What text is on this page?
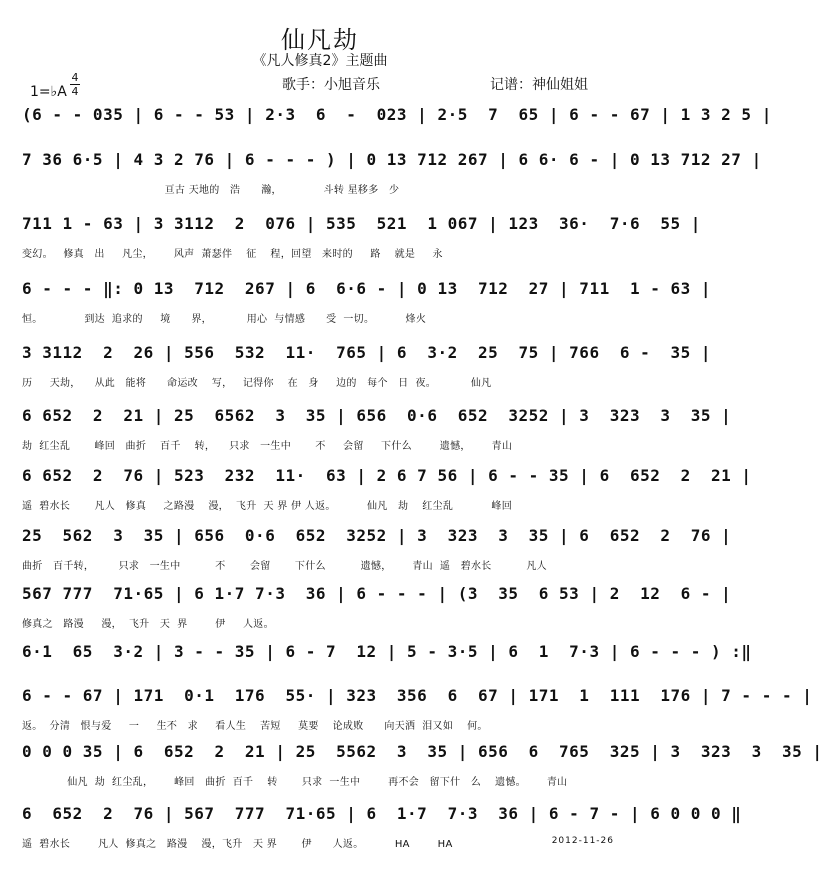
仙凡劫
《凡人修真2》主题曲
1=♭A
4
4	歌手：小旭音乐	记谱：神仙姐姐
(6 - - 035 | 6 - - 53 | 2·3  6  -  023 | 2·5  7  65 | 6 - - 67 | 1 3 2 5 |
7 36 6·5 | 4 3 2 76 | 6 - - - ) | 0 13 712 267 | 6 6· 6 - | 0 13 712 27 |
亘古 天地的   浩      瀚，            斗转 星移多   少
711 1 - 63 | 3 3112  2  076 | 535  521  1 067 | 123  36·  7·6  55 |
变幻。   修真   出     凡尘，      风声  萧瑟伴    征    程，回望   来时的     路    就是     永
6 - - - ‖: 0 13  712  267 | 6  6·6 - | 0 13  712  27 | 711  1 - 63 |
恒。            到达  追求的     境      界，          用心  与情感      受  一切。         烽火
3 3112  2  26 | 556  532  11·  765 | 6  3·2  25  75 | 766  6 -  35 |
历     天劫，    从此   能将      命运改    写，   记得你    在   身     边的   每个   日  夜。          仙凡
6 652  2  21 | 25  6562  3  35 | 656  0·6  652  3252 | 3  323  3  35 |
劫  红尘乱       峰回   曲折    百千    转，    只求   一生中       不     会留     下什么        遗憾，      青山
6 652  2  76 | 523  232  11·  63 | 2 6 7 56 | 6 - - 35 | 6  652  2  21 |
遥  碧水长       凡人   修真     之路漫    漫，  飞升  天 界 伊 人返。         仙凡   劫    红尘乱           峰回
25  562  3  35 | 656  0·6  652  3252 | 3  323  3  35 | 6  652  2  76 |
曲折   百千转，       只求   一生中          不       会留       下什么          遗憾，      青山  遥   碧水长          凡人
567 777  71·65 | 6 1·7 7·3  36 | 6 - - - | (3  35  6 53 | 2  12  6 - |
修真之   路漫     漫，  飞升   天  界        伊     人返。
6·1  65  3·2 | 3 - - 35 | 6 - 7  12 | 5 - 3·5 | 6  1  7·3 | 6 - - - ) :‖
6 - - 67 | 171  0·1  176  55· | 323  356  6  67 | 171  1  111  176 | 7 - - - |
返。  分清   恨与爱     一     生不   求     看人生    苦短     莫要    论成败      向天洒  泪又如    何。
0 0 0 35 | 6  652  2  21 | 25  5562  3  35 | 656  6  765  325 | 3  323  3  35 |
仙凡  劫  红尘乱，      峰回   曲折  百千    转       只求  一生中        再不会   留下什   么    遗憾。      青山
6  652  2  76 | 567  777  71·65 | 6  1·7  7·3  36 | 6 - 7 - | 6 0 0 0 ‖
遥  碧水长        凡人  修真之   路漫    漫，飞升   天 界       伊      人返。         HA        HA	2012-11-26
